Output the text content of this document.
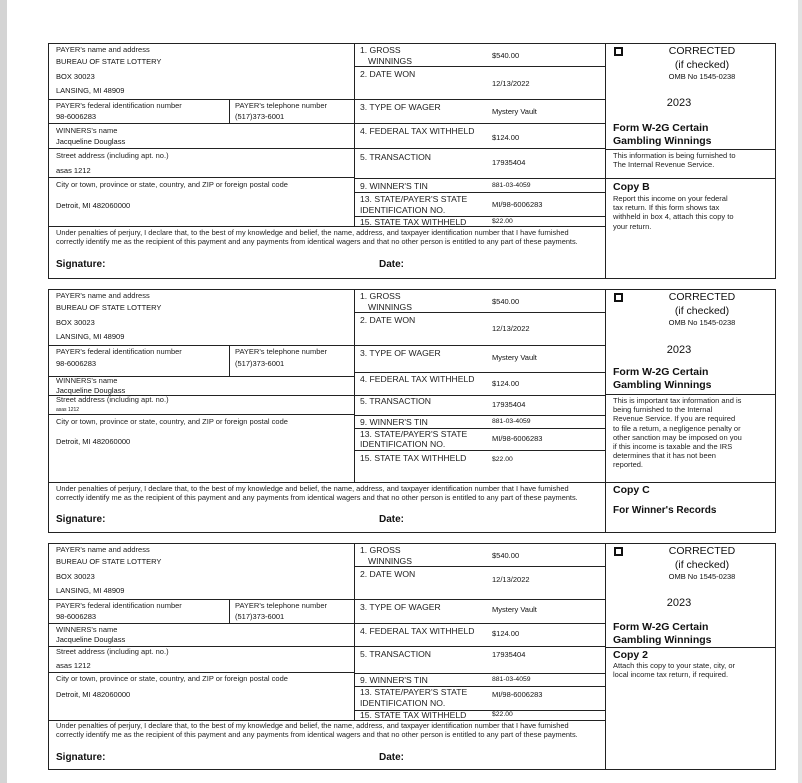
PAYER's name and address
BUREAU OF STATE LOTTERY
BOX 30023
LANSING, MI 48909
PAYER's federal identification number
98-6006283
PAYER's telephone number
(517)373-6001
WINNERS's name
Jacqueline Douglass
Street address (including apt. no.)
asas 1212
City or town, province or state, country, and ZIP or foreign postal code
Detroit, MI 482060000
1. GROSS
WINNINGS
$540.00
2. DATE WON
12/13/2022
3. TYPE OF WAGER	Mystery Vault
4. FEDERAL TAX WITHHELD
$124.00
5. TRANSACTION
17935404
9. WINNER'S TIN	881-03-4059
13. STATE/PAYER'S STATE
IDENTIFICATION NO.
MI/98-6006283
15. STATE TAX WITHHELD	$22.00
Under penalties of perjury, I declare that, to the best of my knowledge and belief, the name, address, and taxpayer identification number that I have furnished correctly identify me as the recipient of this payment and any payments from identical wagers and that no other person is entitled to any part of these payments.
Signature:	Date:
CORRECTED
(if checked)
OMB No 1545-0238
2023
Form W-2G Certain
Gambling Winnings
This information is being furnished to The Internal Revenue Service.
Copy B
Report this income on your federal tax return. If this form shows tax withheld in box 4, attach this copy to your return.
PAYER's name and address
BUREAU OF STATE LOTTERY
BOX 30023
LANSING, MI 48909
PAYER's federal identification number
98-6006283
PAYER's telephone number
(517)373-6001
WINNERS's name
Jacqueline Douglass
Street address (including apt. no.)
asas 1212
City or town, province or state, country, and ZIP or foreign postal code
Detroit, MI 482060000
1. GROSS
WINNINGS
$540.00
2. DATE WON
12/13/2022
3. TYPE OF WAGER	Mystery Vault
4. FEDERAL TAX WITHHELD $124.00
5. TRANSACTION	17935404
9. WINNER'S TIN	881-03-4059
13. STATE/PAYER'S STATE
IDENTIFICATION NO.
MI/98-6006283
15. STATE TAX WITHHELD	$22.00
Under penalties of perjury, I declare that, to the best of my knowledge and belief, the name, address, and taxpayer identification number that I have furnished correctly identify me as the recipient of this payment and any payments from identical wagers and that no other person is entitled to any part of these payments.
Signature:	Date:
CORRECTED
(if checked)
OMB No 1545-0238
2023
Form W-2G Certain
Gambling Winnings
This is important tax information and is being furnished to the Internal Revenue Service. If you are required to file a return, a negligence penalty or other sanction may be imposed on you if this income is taxable and the IRS determines that it has not been reported.
Copy C
For Winner's Records
PAYER's name and address
BUREAU OF STATE LOTTERY
BOX 30023
LANSING, MI 48909
PAYER's federal identification number
98-6006283
PAYER's telephone number
(517)373-6001
WINNERS's name
Jacqueline Douglass
Street address (including apt. no.)
asas 1212
City or town, province or state, country, and ZIP or foreign postal code
Detroit, MI 482060000
1. GROSS
WINNINGS
$540.00
2. DATE WON
12/13/2022
3. TYPE OF WAGER	Mystery Vault
4. FEDERAL TAX WITHHELD $124.00
5. TRANSACTION	17935404
9. WINNER'S TIN	881-03-4059
13. STATE/PAYER'S STATE
IDENTIFICATION NO.
MI/98-6006283
15. STATE TAX WITHHELD	$22.00
Under penalties of perjury, I declare that, to the best of my knowledge and belief, the name, address, and taxpayer identification number that I have furnished correctly identify me as the recipient of this payment and any payments from identical wagers and that no other person is entitled to any part of these payments.
Signature:	Date:
CORRECTED
(if checked)
OMB No 1545-0238
2023
Form W-2G Certain
Gambling Winnings
Copy 2
Attach this copy to your state, city, or local income tax return, if required.
